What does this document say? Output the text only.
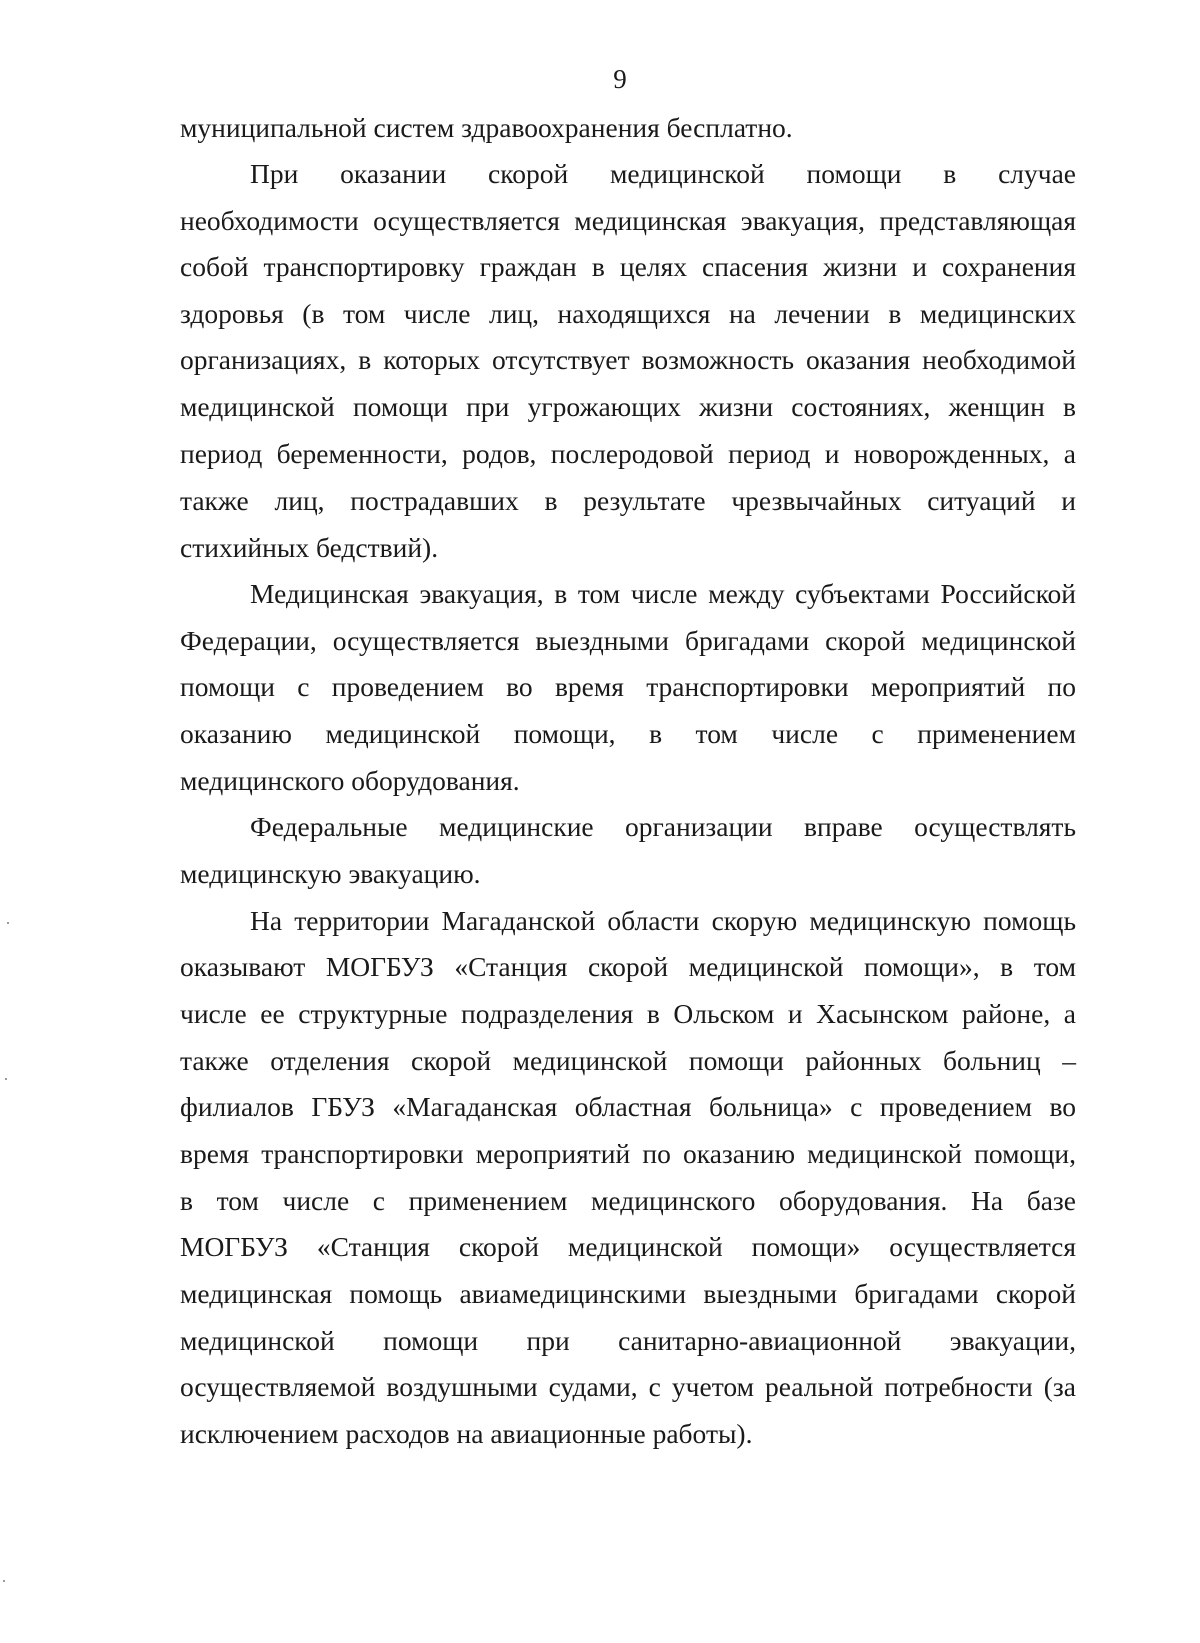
9
муниципальной систем здравоохранения бесплатно.
При оказании скорой медицинской помощи в случае
необходимости осуществляется медицинская эвакуация, представляющая
собой транспортировку граждан в целях спасения жизни и сохранения
здоровья (в том числе лиц, находящихся на лечении в медицинских
организациях, в которых отсутствует возможность оказания необходимой
медицинской помощи при угрожающих жизни состояниях, женщин в
период беременности, родов, послеродовой период и новорожденных, а
также лиц, пострадавших в результате чрезвычайных ситуаций и
стихийных бедствий).
Медицинская эвакуация, в том числе между субъектами Российской
Федерации, осуществляется выездными бригадами скорой медицинской
помощи с проведением во время транспортировки мероприятий по
оказанию медицинской помощи, в том числе с применением
медицинского оборудования.
Федеральные медицинские организации вправе осуществлять
медицинскую эвакуацию.
На территории Магаданской области скорую медицинскую помощь
оказывают МОГБУЗ «Станция скорой медицинской помощи», в том
числе ее структурные подразделения в Ольском и Хасынском районе, а
также отделения скорой медицинской помощи районных больниц –
филиалов ГБУЗ «Магаданская областная больница» с проведением во
время транспортировки мероприятий по оказанию медицинской помощи,
в том числе с применением медицинского оборудования. На базе
МОГБУЗ «Станция скорой медицинской помощи» осуществляется
медицинская помощь авиамедицинскими выездными бригадами скорой
медицинской помощи при санитарно-авиационной эвакуации,
осуществляемой воздушными судами, с учетом реальной потребности (за
исключением расходов на авиационные работы).
